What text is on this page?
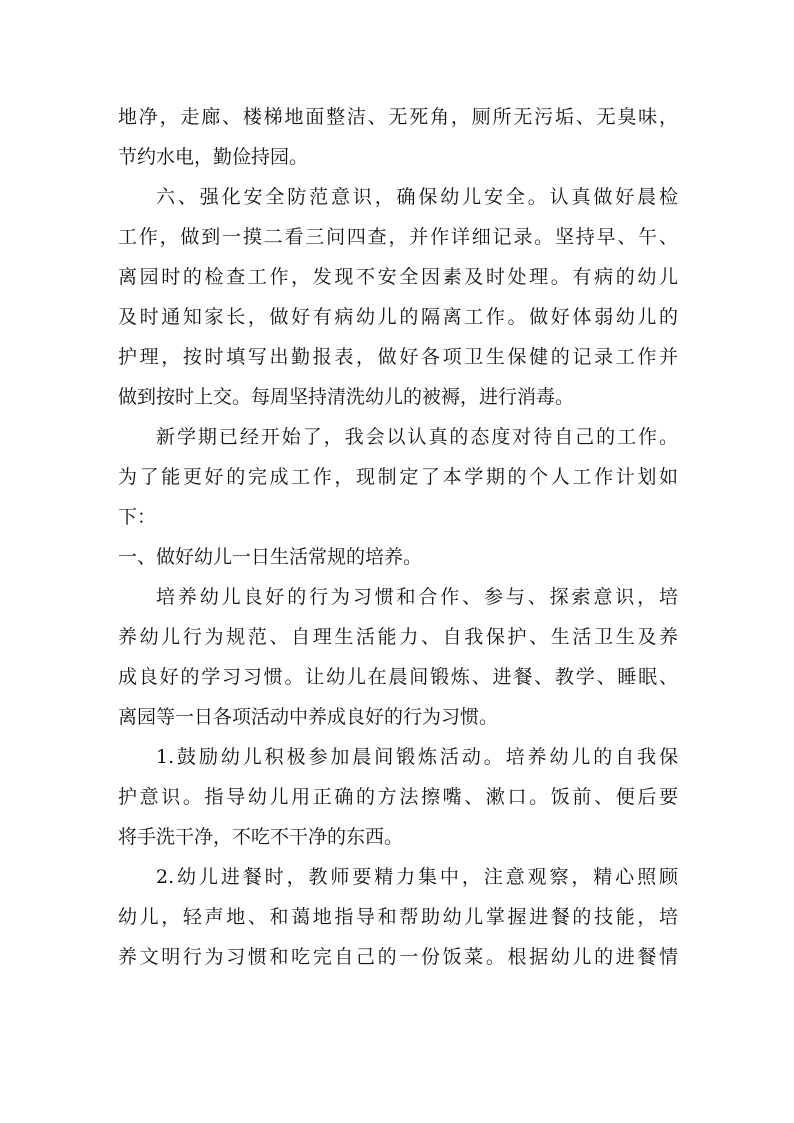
地净，走廊、楼梯地面整洁、无死角，厕所无污垢、无臭味，
节约水电，勤俭持园。
六、强化安全防范意识，确保幼儿安全。认真做好晨检
工作，做到一摸二看三问四查，并作详细记录。坚持早、午、
离园时的检查工作，发现不安全因素及时处理。有病的幼儿
及时通知家长，做好有病幼儿的隔离工作。做好体弱幼儿的
护理，按时填写出勤报表，做好各项卫生保健的记录工作并
做到按时上交。每周坚持清洗幼儿的被褥，进行消毒。
新学期已经开始了，我会以认真的态度对待自己的工作。
为了能更好的完成工作，现制定了本学期的个人工作计划如
下：
一、做好幼儿一日生活常规的培养。
培养幼儿良好的行为习惯和合作、参与、探索意识，培
养幼儿行为规范、自理生活能力、自我保护、生活卫生及养
成良好的学习习惯。让幼儿在晨间锻炼、进餐、教学、睡眠、
离园等一日各项活动中养成良好的行为习惯。
1.鼓励幼儿积极参加晨间锻炼活动。培养幼儿的自我保
护意识。指导幼儿用正确的方法擦嘴、漱口。饭前、便后要
将手洗干净，不吃不干净的东西。
2.幼儿进餐时，教师要精力集中，注意观察，精心照顾
幼儿，轻声地、和蔼地指导和帮助幼儿掌握进餐的技能，培
养文明行为习惯和吃完自己的一份饭菜。根据幼儿的进餐情
